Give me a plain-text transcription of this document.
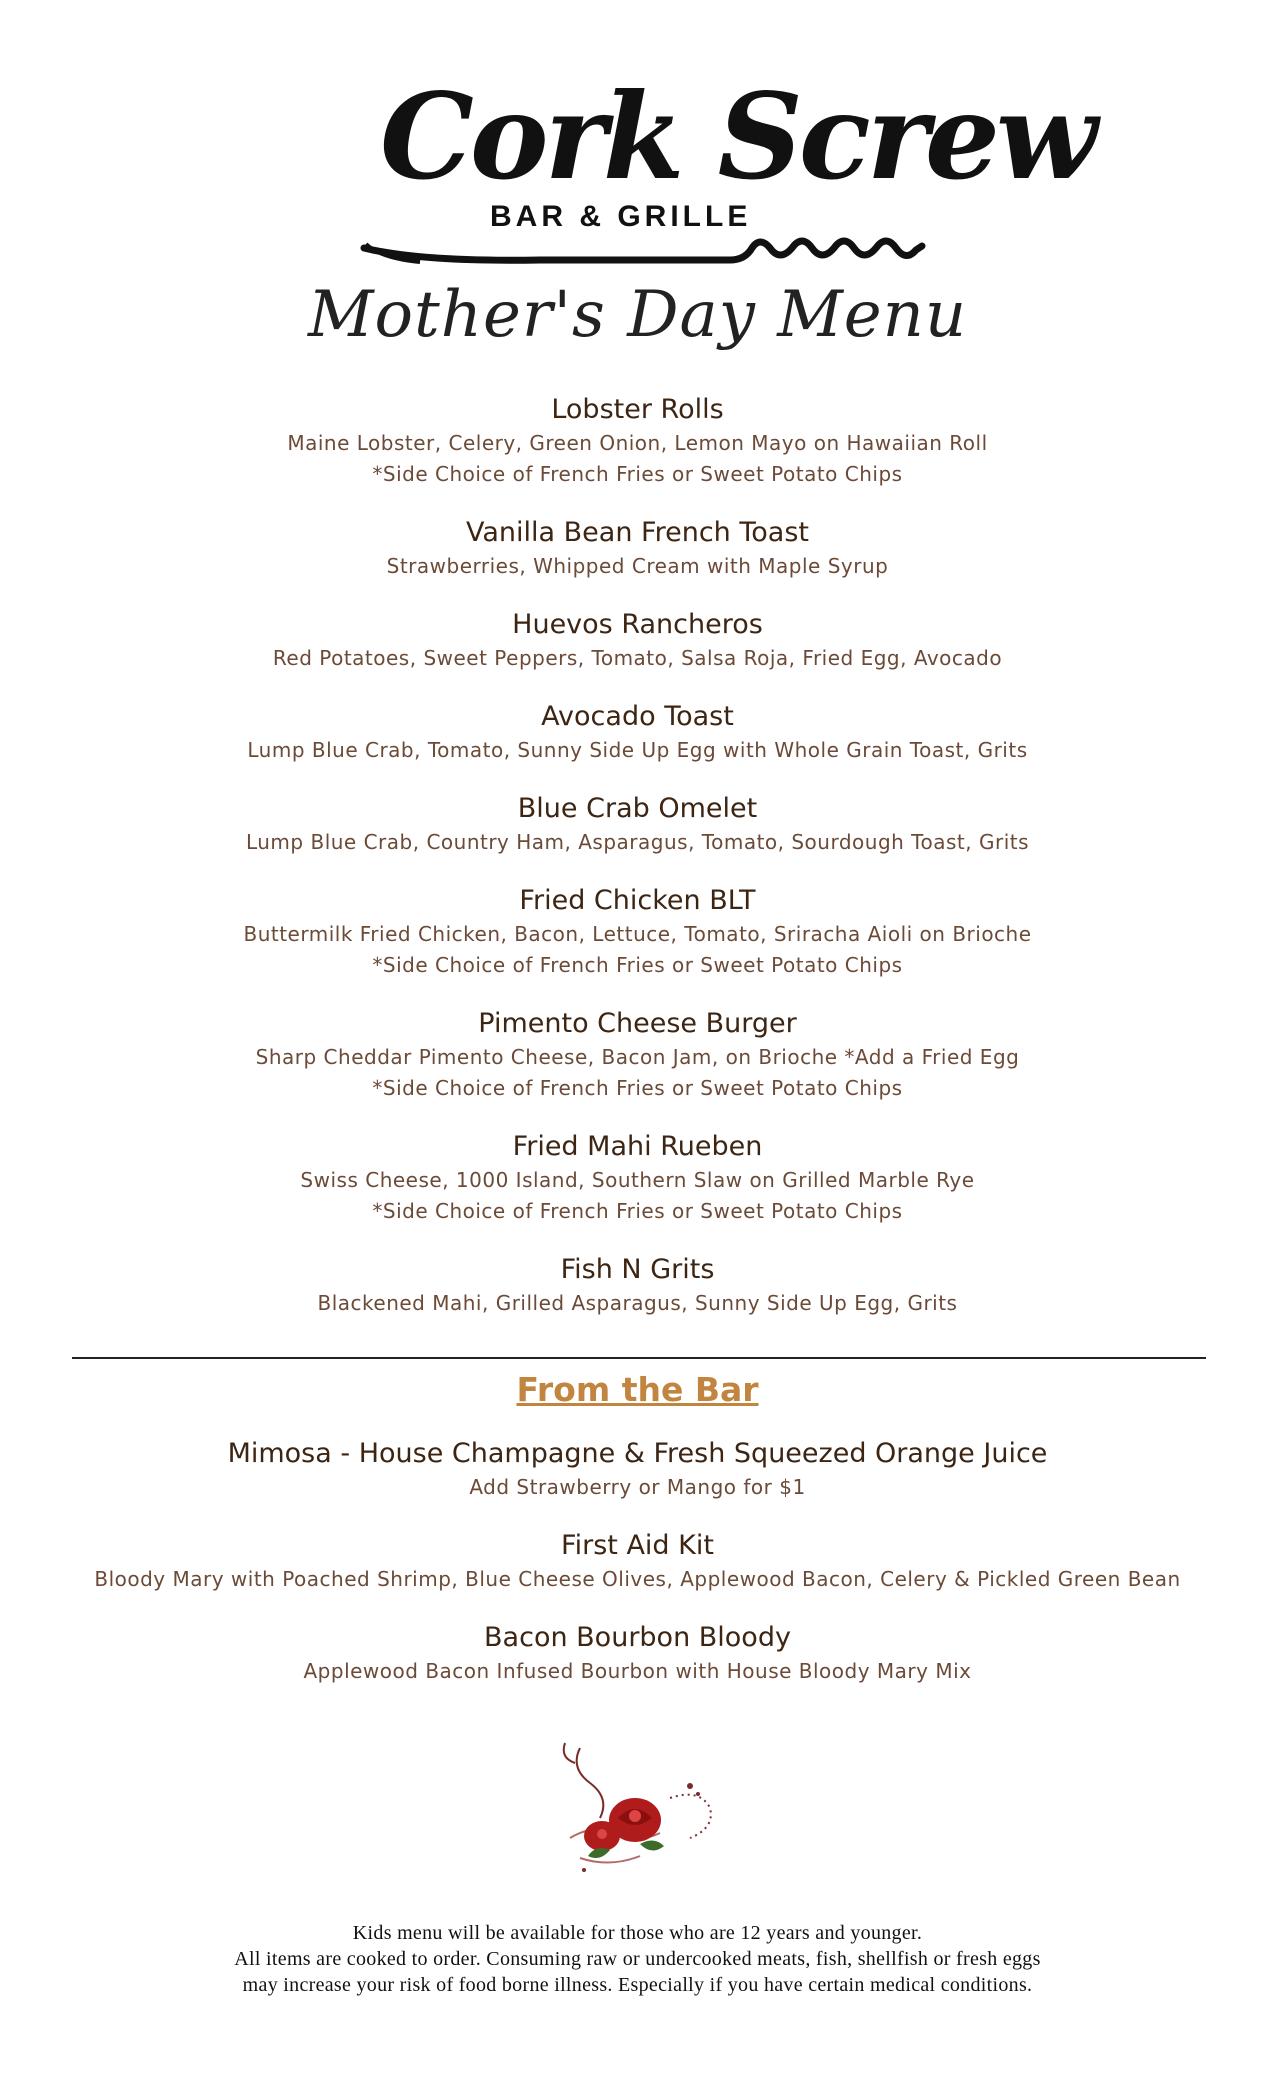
Cork Screw
BAR & GRILLE
Mother's Day Menu
Lobster Rolls
Maine Lobster, Celery, Green Onion, Lemon Mayo on Hawaiian Roll
*Side Choice of French Fries or Sweet Potato Chips
Vanilla Bean French Toast
Strawberries, Whipped Cream with Maple Syrup
Huevos Rancheros
Red Potatoes, Sweet Peppers, Tomato, Salsa Roja, Fried Egg, Avocado
Avocado Toast
Lump Blue Crab, Tomato, Sunny Side Up Egg with Whole Grain Toast, Grits
Blue Crab Omelet
Lump Blue Crab, Country Ham, Asparagus, Tomato, Sourdough Toast, Grits
Fried Chicken BLT
Buttermilk Fried Chicken, Bacon, Lettuce, Tomato, Sriracha Aioli on Brioche
*Side Choice of French Fries or Sweet Potato Chips
Pimento Cheese Burger
Sharp Cheddar Pimento Cheese, Bacon Jam, on Brioche *Add a Fried Egg
*Side Choice of French Fries or Sweet Potato Chips
Fried Mahi Rueben
Swiss Cheese, 1000 Island, Southern Slaw on Grilled Marble Rye
*Side Choice of French Fries or Sweet Potato Chips
Fish N Grits
Blackened Mahi, Grilled Asparagus, Sunny Side Up Egg, Grits
From the Bar
Mimosa - House Champagne & Fresh Squeezed Orange Juice
Add Strawberry or Mango for $1
First Aid Kit
Bloody Mary with Poached Shrimp, Blue Cheese Olives, Applewood Bacon, Celery & Pickled Green Bean
Bacon Bourbon Bloody
Applewood Bacon Infused Bourbon with House Bloody Mary Mix
Kids menu will be available for those who are 12 years and younger.
All items are cooked to order. Consuming raw or undercooked meats, fish, shellfish or fresh eggs
may increase your risk of food borne illness. Especially if you have certain medical conditions.
